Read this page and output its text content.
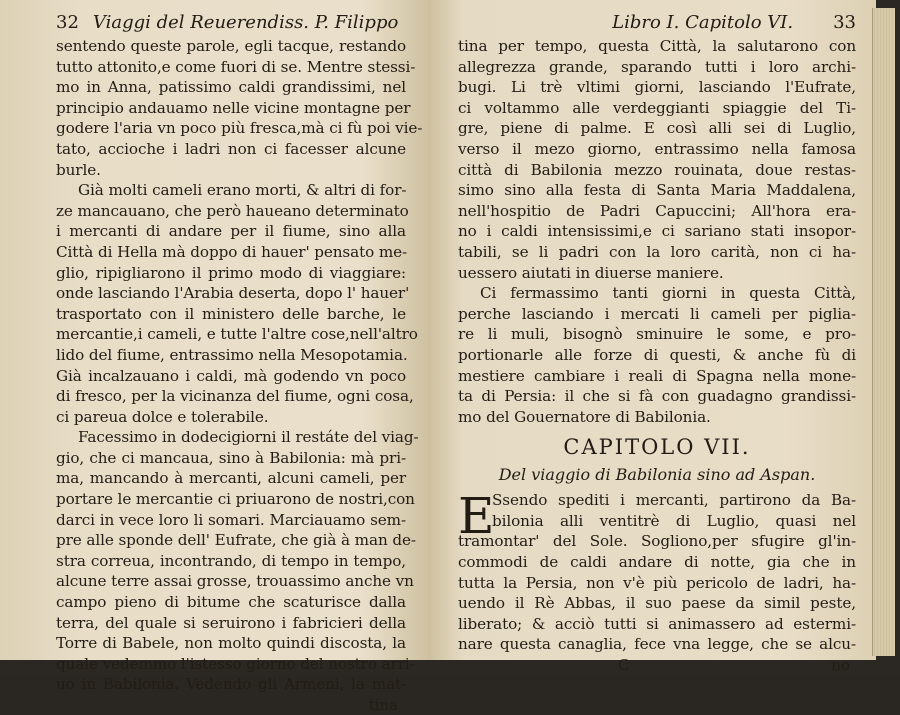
32 Viaggi del Reuerendiss. P. Filippo
sentendo queste parole, egli tacque, restando
tutto attonito,e come fuori di se. Mentre stessi-
mo in Anna, patissimo caldi grandissimi, nel
principio andauamo nelle vicine montagne per
godere l'aria vn poco più fresca,mà ci fù poi vie-
tato, accioche i ladri non ci facesser alcune
burle.
Già molti cameli erano morti, & altri di for-
ze mancauano, che però haueano determinato
i mercanti di andare per il fiume, sino alla
Città di Hella mà doppo di hauer' pensato me-
glio, ripigliarono il primo modo di viaggiare:
onde lasciando l'Arabia deserta, dopo l' hauer'
trasportato con il ministero delle barche, le
mercantie,i cameli, e tutte l'altre cose,nell'altro
lido del fiume, entrassimo nella Mesopotamia.
Già incalzauano i caldi, mà godendo vn poco
di fresco, per la vicinanza del fiume, ogni cosa,
ci pareua dolce e tolerabile.
Facessimo in dodecigiorni il restáte del viag-
gio, che ci mancaua, sino à Babilonia: mà pri-
ma, mancando à mercanti, alcuni cameli, per
portare le mercantie ci priuarono de nostri,con
darci in vece loro li somari. Marciauamo sem-
pre alle sponde dell' Eufrate, che già à man de-
stra correua, incontrando, di tempo in tempo,
alcune terre assai grosse, trouassimo anche vn
campo pieno di bitume che scaturisce dalla
terra, del quale si seruirono i fabricieri della
Torre di Babele, non molto quindi discosta, la
quale vedemmo l'istesso giorno del nostro arri-
uo in Babilonia. Vedendo gli Armeni, la mat-
tina
Libro I. Capitolo VI. 33
tina per tempo, questa Città, la salutarono con
allegrezza grande, sparando tutti i loro archi-
bugi. Li trè vltimi giorni, lasciando l'Eufrate,
ci voltammo alle verdeggianti spiaggie del Ti-
gre, piene di palme. E così alli sei di Luglio,
verso il mezo giorno, entrassimo nella famosa
città di Babilonia mezzo rouinata, doue restas-
simo sino alla festa di Santa Maria Maddalena,
nell'hospitio de Padri Capuccini; All'hora era-
no i caldi intensissimi,e ci sariano stati insopor-
tabili, se li padri con la loro carità, non ci ha-
uessero aiutati in diuerse maniere.
Ci fermassimo tanti giorni in questa Città,
perche lasciando i mercati li cameli per piglia-
re li muli, bisognò sminuire le some, e pro-
portionarle alle forze di questi, & anche fù di
mestiere cambiare i reali di Spagna nella mone-
ta di Persia: il che si fà con guadagno grandissi-
mo del Gouernatore di Babilonia.
CAPITOLO VII.
Del viaggio di Babilonia sino ad Aspan.
E
Ssendo spediti i mercanti, partirono da Ba-
bilonia alli ventitrè di Luglio, quasi nel
tramontar' del Sole. Sogliono,per sfugire gl'in-
commodi de caldi andare di notte, gia che in
tutta la Persia, non v'è più pericolo de ladri, ha-
uendo il Rè Abbas, il suo paese da simil peste,
liberato; & acciò tutti si animassero ad estermi-
nare questa canaglia, fece vna legge, che se alcu-
C	no
